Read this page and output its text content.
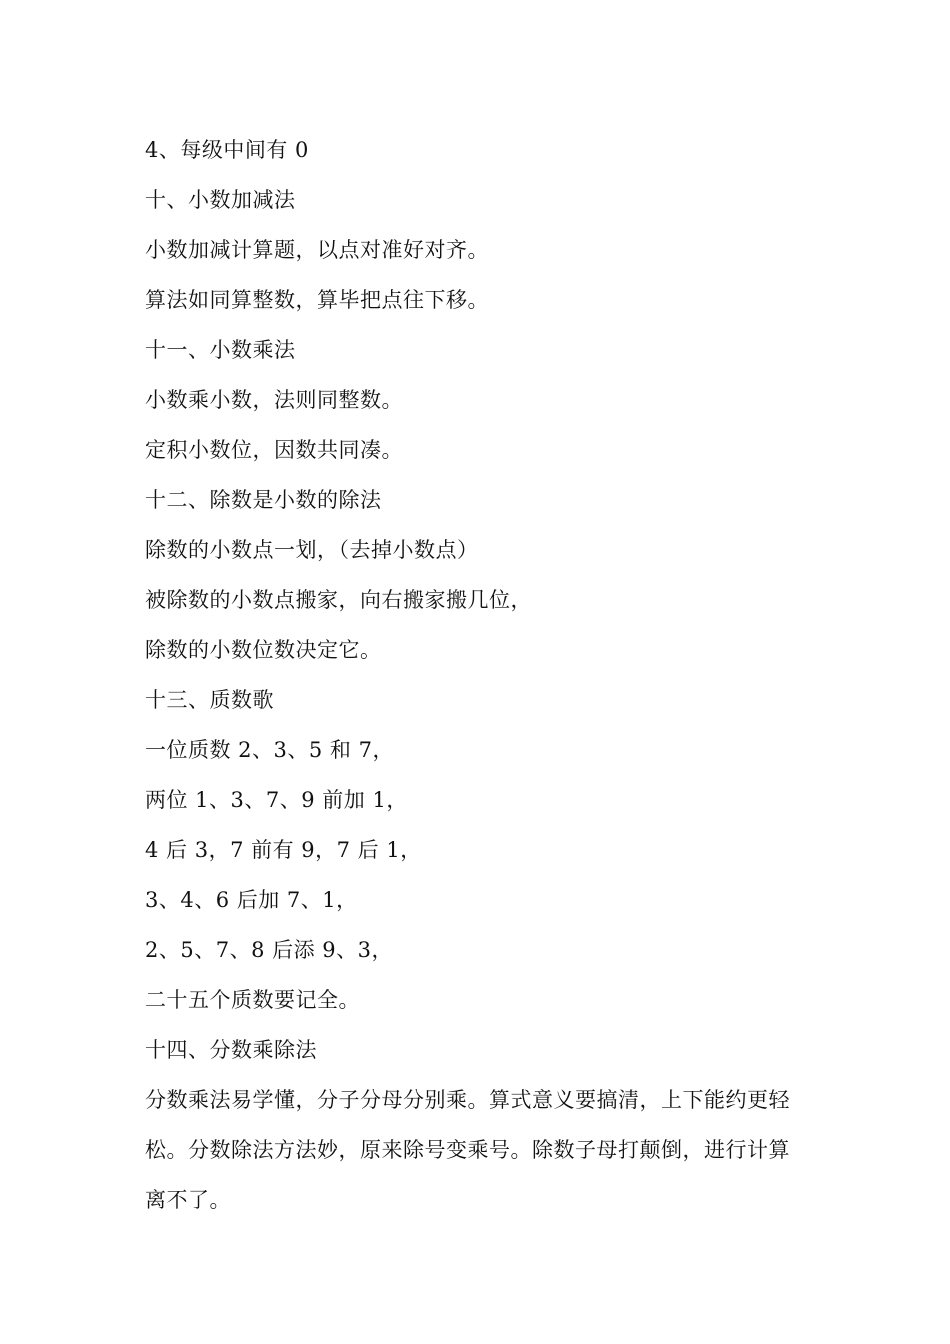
4、每级中间有 0
十、小数加减法
小数加减计算题，以点对准好对齐。
算法如同算整数，算毕把点往下移。
十一、小数乘法
小数乘小数，法则同整数。
定积小数位，因数共同凑。
十二、除数是小数的除法
除数的小数点一划，（去掉小数点）
被除数的小数点搬家，向右搬家搬几位，
除数的小数位数决定它。
十三、质数歌
一位质数 2、3、5 和 7，
两位 1、3、7、9 前加 1，
4 后 3，7 前有 9，7 后 1，
3、4、6 后加 7、1，
2、5、7、8 后添 9、3，
二十五个质数要记全。
十四、分数乘除法
分数乘法易学懂，分子分母分别乘。算式意义要搞清，上下能约更轻松。分数除法方法妙，原来除号变乘号。除数子母打颠倒，进行计算离不了。
